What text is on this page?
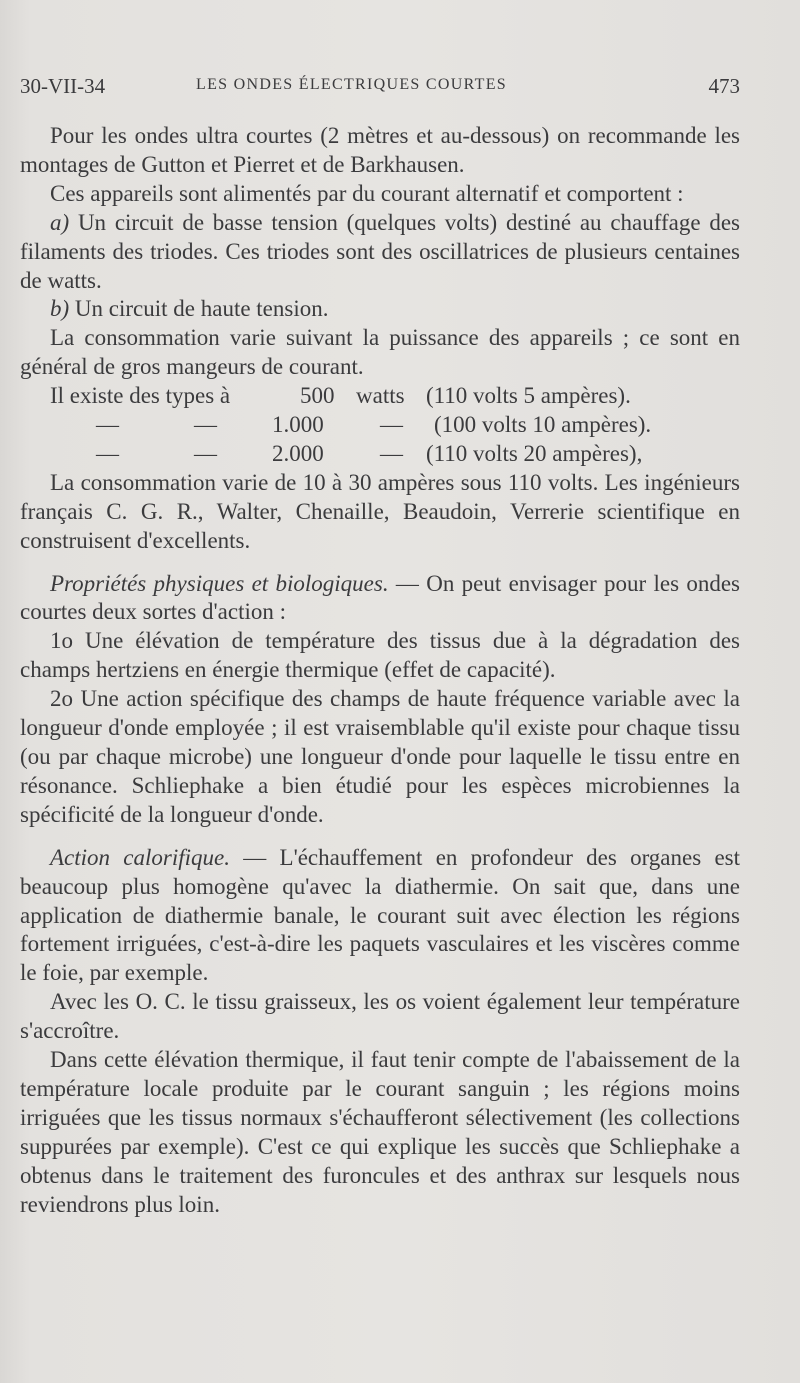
30-VII-34	LES ONDES ÉLECTRIQUES COURTES	473

Pour les ondes ultra courtes (2 mètres et au-dessous) on recommande les montages de Gutton et Pierret et de Barkhausen.

Ces appareils sont alimentés par du courant alternatif et comportent :

a) Un circuit de basse tension (quelques volts) destiné au chauffage des filaments des triodes. Ces triodes sont des oscillatrices de plusieurs centaines de watts.

b) Un circuit de haute tension.

La consommation varie suivant la puissance des appareils ; ce sont en général de gros mangeurs de courant.

Il existe des types à	500 watts (110 volts 5 ampères).
—	— 1.000 — (100 volts 10 ampères).
—	— 2.000 — (110 volts 20 ampères),

La consommation varie de 10 à 30 ampères sous 110 volts. Les ingénieurs français C. G. R., Walter, Chenaille, Beaudoin, Verrerie scientifique en construisent d'excellents.

Propriétés physiques et biologiques. — On peut envisager pour les ondes courtes deux sortes d'action :

1o Une élévation de température des tissus due à la dégradation des champs hertziens en énergie thermique (effet de capacité).

2o Une action spécifique des champs de haute fréquence variable avec la longueur d'onde employée ; il est vraisemblable qu'il existe pour chaque tissu (ou par chaque microbe) une longueur d'onde pour laquelle le tissu entre en résonance. Schliephake a bien étudié pour les espèces microbiennes la spécificité de la longueur d'onde.

Action calorifique. — L'échauffement en profondeur des organes est beaucoup plus homogène qu'avec la diathermie. On sait que, dans une application de diathermie banale, le courant suit avec élection les régions fortement irriguées, c'est-à-dire les paquets vasculaires et les viscères comme le foie, par exemple.

Avec les O. C. le tissu graisseux, les os voient également leur température s'accroître.

Dans cette élévation thermique, il faut tenir compte de l'abaissement de la température locale produite par le courant sanguin ; les régions moins irriguées que les tissus normaux s'échaufferont sélectivement (les collections suppurées par exemple). C'est ce qui explique les succès que Schliephake a obtenus dans le traitement des furoncules et des anthrax sur lesquels nous reviendrons plus loin.
